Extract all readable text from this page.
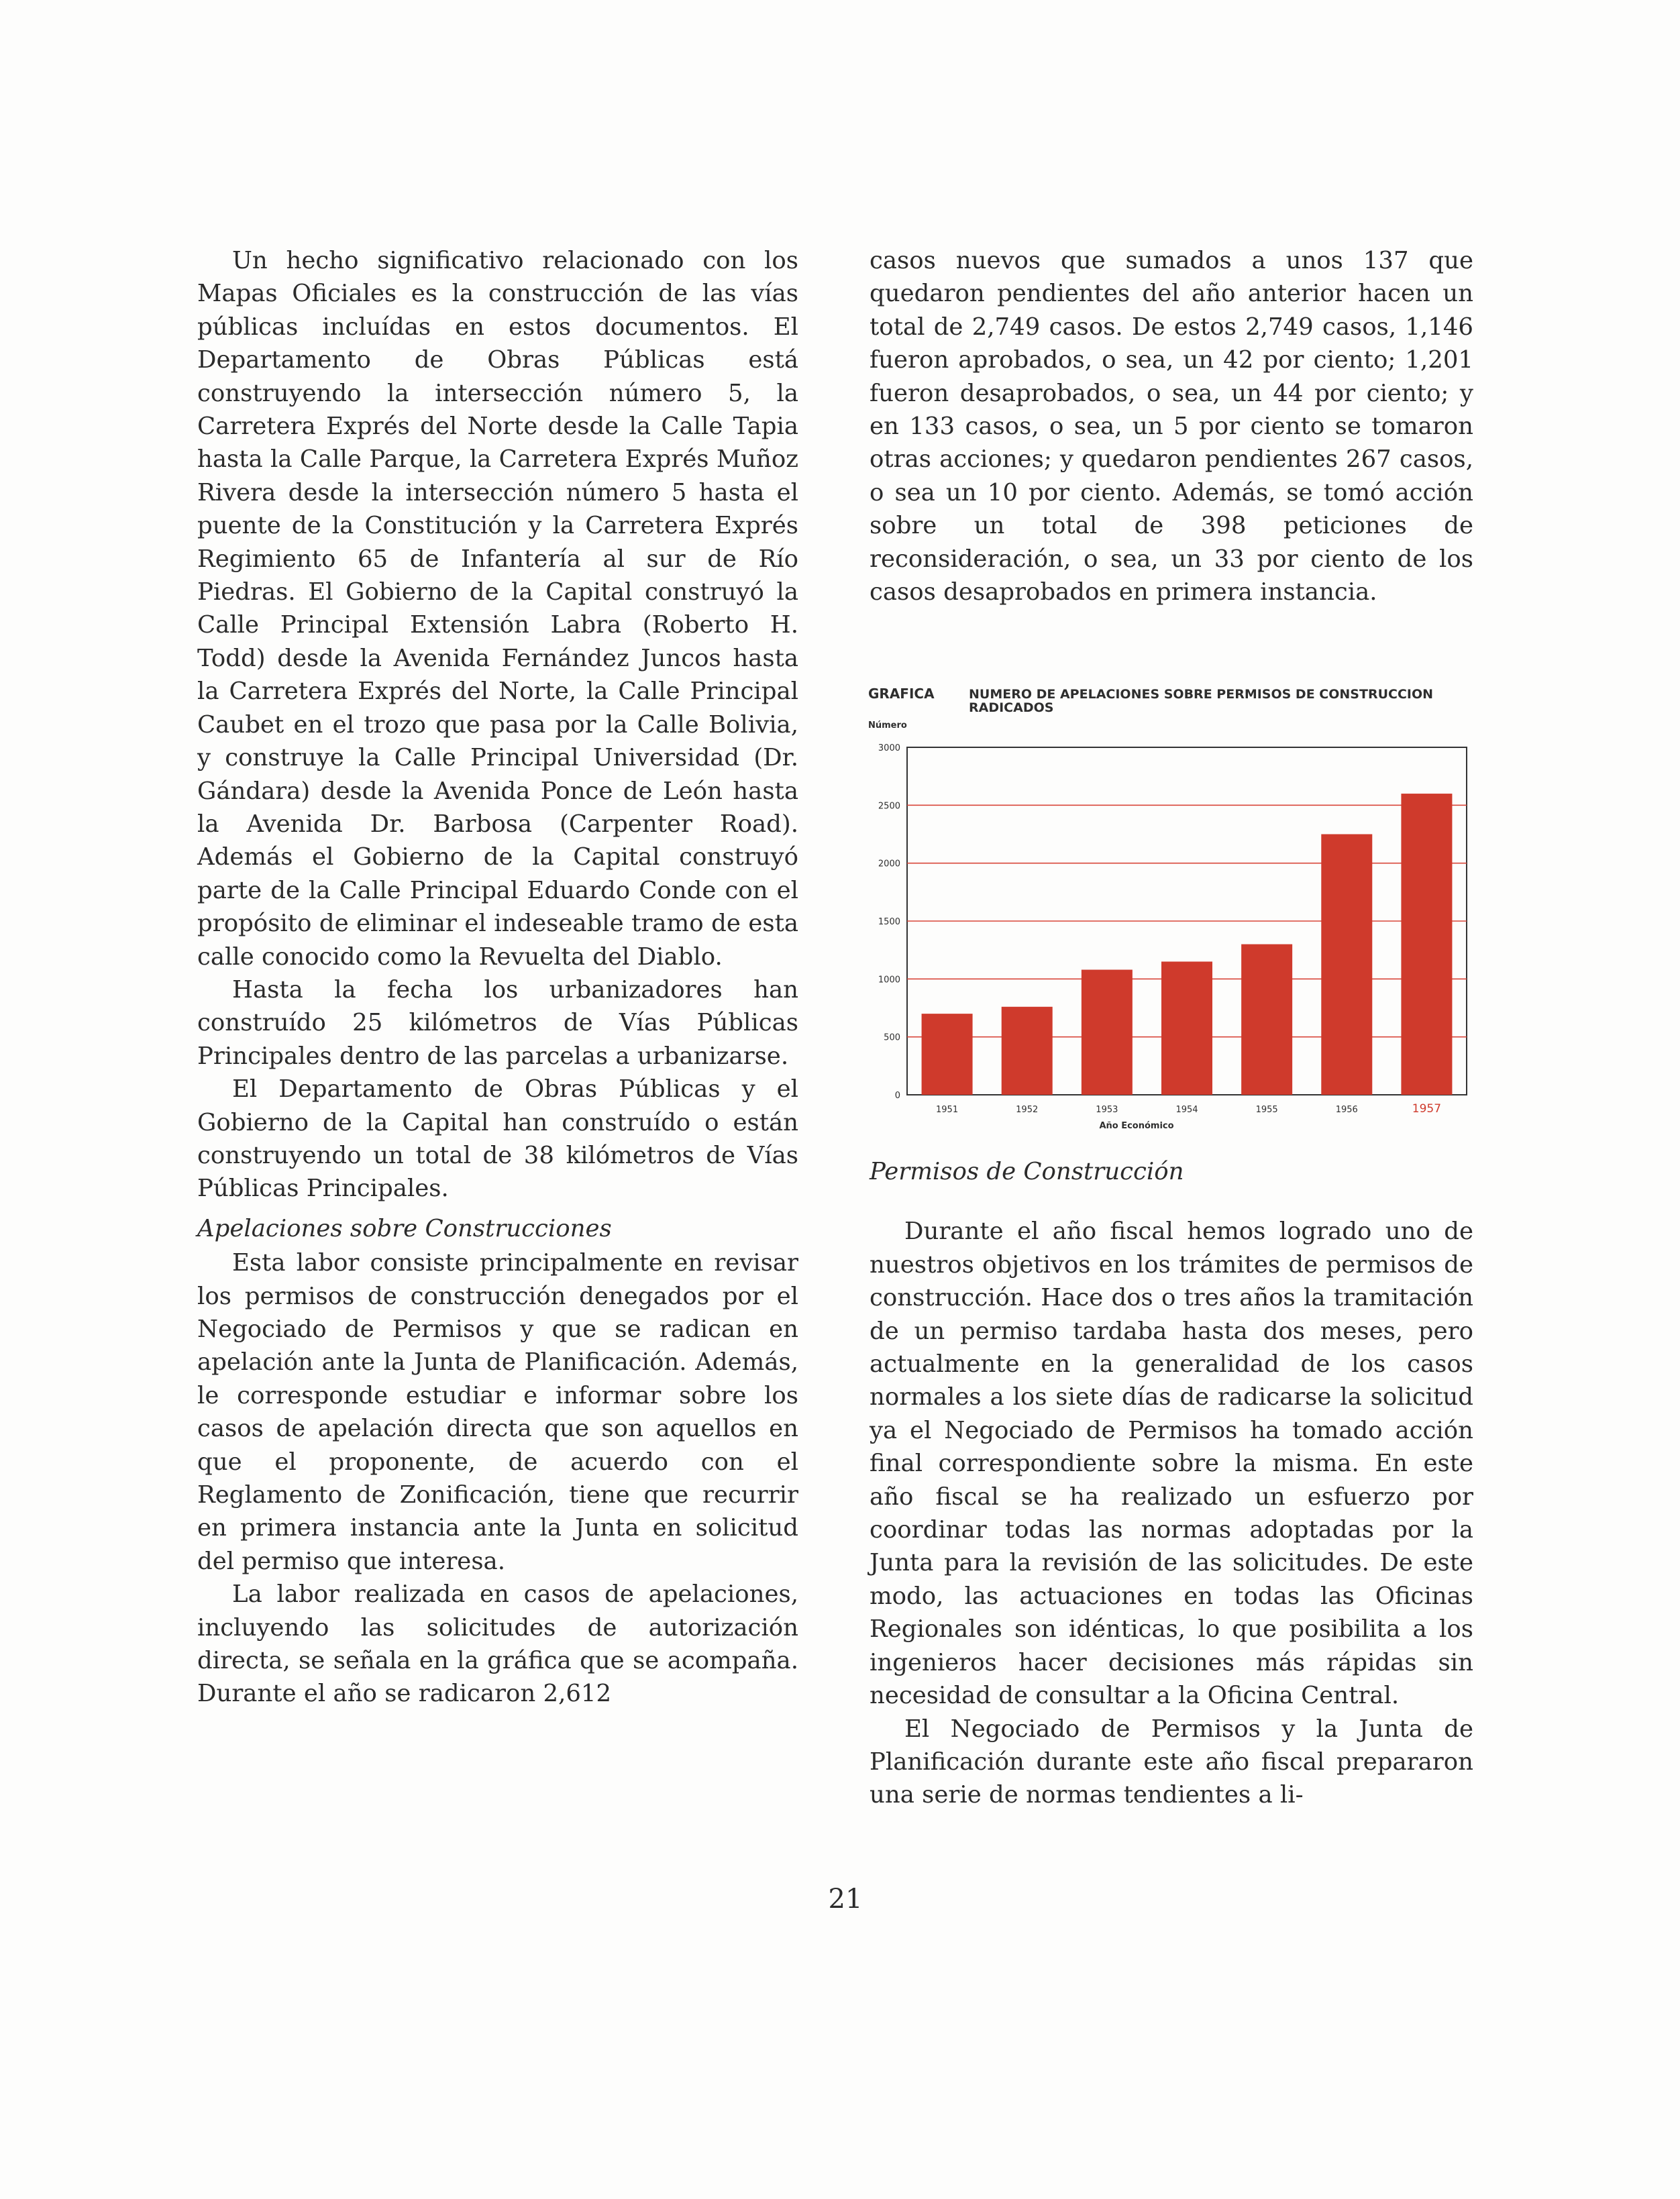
Un hecho significativo relacionado con los Mapas Oficiales es la construcción de las vías públicas incluídas en estos documentos. El Departamento de Obras Públicas está construyendo la intersección número 5, la Carretera Exprés del Norte desde la Calle Tapia hasta la Calle Parque, la Carretera Exprés Muñoz Rivera desde la intersección número 5 hasta el puente de la Constitución y la Carretera Exprés Regimiento 65 de Infantería al sur de Río Piedras. El Gobierno de la Capital construyó la Calle Principal Extensión Labra (Roberto H. Todd) desde la Avenida Fernández Juncos hasta la Carretera Exprés del Norte, la Calle Principal Caubet en el trozo que pasa por la Calle Bolivia, y construye la Calle Principal Universidad (Dr. Gándara) desde la Avenida Ponce de León hasta la Avenida Dr. Barbosa (Carpenter Road). Además el Gobierno de la Capital construyó parte de la Calle Principal Eduardo Conde con el propósito de eliminar el indeseable tramo de esta calle conocido como la Revuelta del Diablo.

Hasta la fecha los urbanizadores han construído 25 kilómetros de Vías Públicas Principales dentro de las parcelas a urbanizarse.

El Departamento de Obras Públicas y el Gobierno de la Capital han construído o están construyendo un total de 38 kilómetros de Vías Públicas Principales.

Apelaciones sobre Construcciones

Esta labor consiste principalmente en revisar los permisos de construcción denegados por el Negociado de Permisos y que se radican en apelación ante la Junta de Planificación. Además, le corresponde estudiar e informar sobre los casos de apelación directa que son aquellos en que el proponente, de acuerdo con el Reglamento de Zonificación, tiene que recurrir en primera instancia ante la Junta en solicitud del permiso que interesa.

La labor realizada en casos de apelaciones, incluyendo las solicitudes de autorización directa, se señala en la gráfica que se acompaña. Durante el año se radicaron 2,612

casos nuevos que sumados a unos 137 que quedaron pendientes del año anterior hacen un total de 2,749 casos. De estos 2,749 casos, 1,146 fueron aprobados, o sea, un 42 por ciento; 1,201 fueron desaprobados, o sea, un 44 por ciento; y en 133 casos, o sea, un 5 por ciento se tomaron otras acciones; y quedaron pendientes 267 casos, o sea un 10 por ciento. Además, se tomó acción sobre un total de 398 peticiones de reconsideración, o sea, un 33 por ciento de los casos desaprobados en primera instancia.

GRAFICA	NUMERO DE APELACIONES SOBRE PERMISOS DE CONSTRUCCION RADICADOS
Número
0
500
1000
1500
2000
2500
3000
1951	1952	1953	1954	1955	1956	1957
Año Económico

Permisos de Construcción

Durante el año fiscal hemos logrado uno de nuestros objetivos en los trámites de permisos de construcción. Hace dos o tres años la tramitación de un permiso tardaba hasta dos meses, pero actualmente en la generalidad de los casos normales a los siete días de radicarse la solicitud ya el Negociado de Permisos ha tomado acción final correspondiente sobre la misma. En este año fiscal se ha realizado un esfuerzo por coordinar todas las normas adoptadas por la Junta para la revisión de las solicitudes. De este modo, las actuaciones en todas las Oficinas Regionales son idénticas, lo que posibilita a los ingenieros hacer decisiones más rápidas sin necesidad de consultar a la Oficina Central.

El Negociado de Permisos y la Junta de Planificación durante este año fiscal prepararon una serie de normas tendientes a li-

21
